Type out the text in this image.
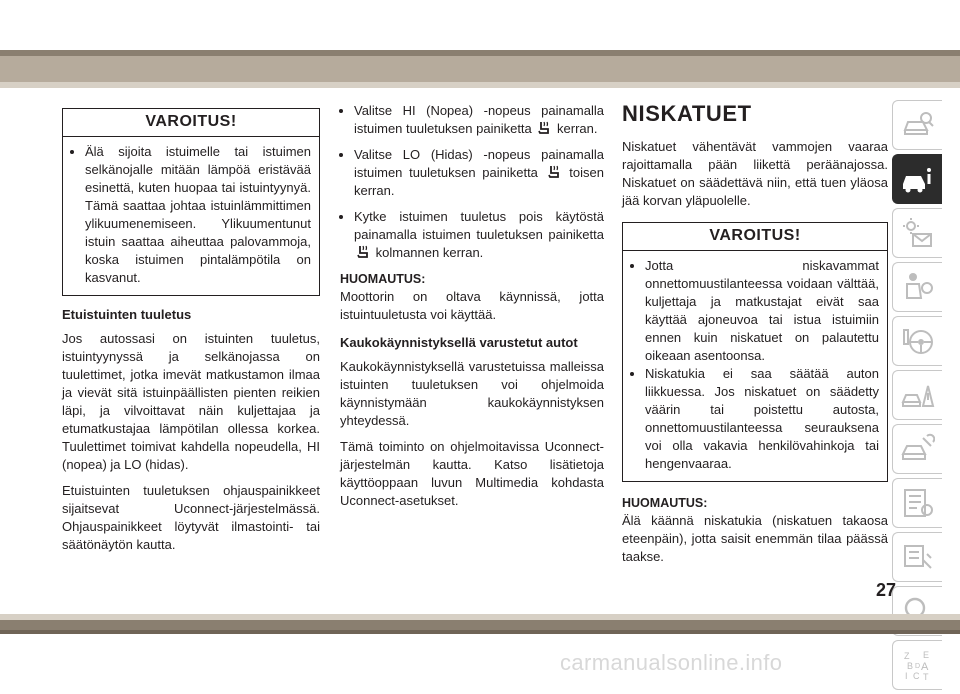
VAROITUS!
• Älä sijoita istuimelle tai istuimen selkänojalle mitään lämpöä eristävää esinettä, kuten huopaa tai istuintyynyä. Tämä saattaa johtaa istuinlämmittimen ylikuumenemiseen. Ylikuumentunut istuin saattaa aiheuttaa palovammoja, koska istuimen pintalämpötila on kasvanut.
Etuistuinten tuuletus

Jos autossasi on istuinten tuuletus, istuintyynyssä ja selkänojassa on tuulettimet, jotka imevät matkustamon ilmaa ja vievät sitä istuinpäällisten pienten reikien läpi, ja vilvoittavat näin kuljettajaa ja etumatkustajaa lämpötilan ollessa korkea. Tuulettimet toimivat kahdella nopeudella, HI (nopea) ja LO (hidas).

Etuistuinten tuuletuksen ohjauspainikkeet sijaitsevat Uconnect-järjestelmässä. Ohjauspainikkeet löytyvät ilmastointi- tai säätönäytön kautta.

• Valitse HI (Nopea) -nopeus painamalla istuimen tuuletuksen painiketta kerran.
• Valitse LO (Hidas) -nopeus painamalla istuimen tuuletuksen painiketta toisen kerran.
• Kytke istuimen tuuletus pois käytöstä painamalla istuimen tuuletuksen painiketta  kolmannen kerran.
HUOMAUTUS:

Moottorin on oltava käynnissä, jotta istuintuuletusta voi käyttää.

Kaukokäynnistyksellä varustetut autot

Kaukokäynnistyksellä varustetuissa malleissa istuinten tuuletuksen voi ohjelmoida käynnistymään kaukokäynnistyksen yhteydessä.

Tämä toiminto on ohjelmoitavissa Uconnect-järjestelmän kautta. Katso lisätietoja käyttöoppaan luvun Multimedia kohdasta Uconnect-asetukset.

NISKATUET

Niskatuet vähentävät vammojen vaaraa rajoittamalla pään liikettä peräänajossa. Niskatuet on säädettävä niin, että tuen yläosa jää korvan yläpuolelle.

VAROITUS!
• Jotta niskavammat onnettomuustilanteessa voidaan välttää, kuljettaja ja matkustajat eivät saa käyttää ajoneuvoa tai istua istuimiin ennen kuin niskatuet on palautettu oikeaan asentoonsa.
• Niskatukia ei saa säätää auton liikkuessa. Jos niskatuet on säädetty väärin tai poistettu autosta, onnettomuustilanteessa seurauksena voi olla vakavia henkilövahinkoja tai hengenvaaraa.
HUOMAUTUS:

Älä käännä niskatukia (niskatuen takaosa eteenpäin), jotta saisit enemmän tilaa päässä taakse.

Z E
B A
I C T
D
27
carmanualsonline.info
